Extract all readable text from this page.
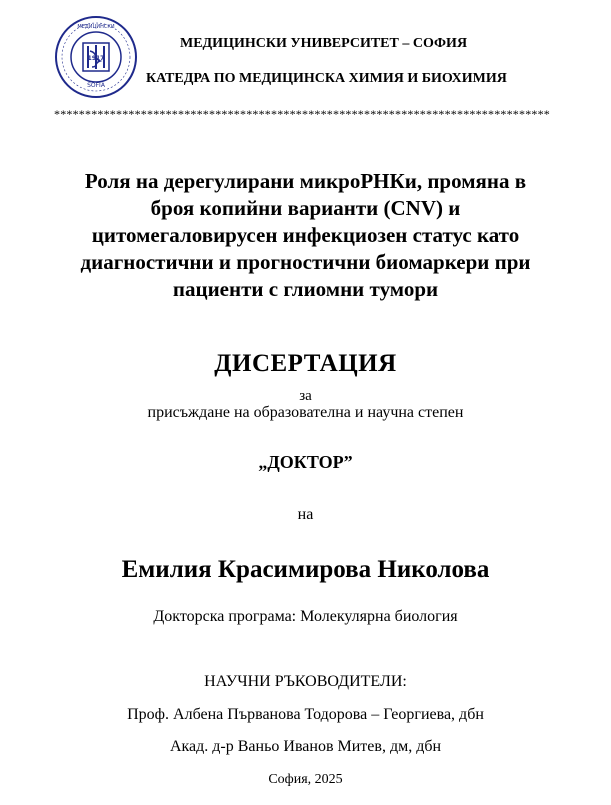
1917
SOFIA
МЕДИЦИНСКИ
МЕДИЦИНСКИ УНИВЕРСИТЕТ – СОФИЯ
КАТЕДРА ПО МЕДИЦИНСКА ХИМИЯ И БИОХИМИЯ
********************************************************************************
Роля на дерегулирани микроРНКи, промяна в
броя копийни варианти (CNV) и
цитомегаловирусен инфекциозен статус като
диагностични и прогностични биомаркери при
пациенти с глиомни тумори
ДИСЕРТАЦИЯ
за
присъждане на образователна и научна степен
„ДОКТОР”
на
Емилия Красимирова Николова
Докторска програма: Молекулярна биология
НАУЧНИ РЪКОВОДИТЕЛИ:
Проф. Албена Първанова Тодорова – Георгиева, дбн
Акад. д-р Ваньо Иванов Митев, дм, дбн
София, 2025
